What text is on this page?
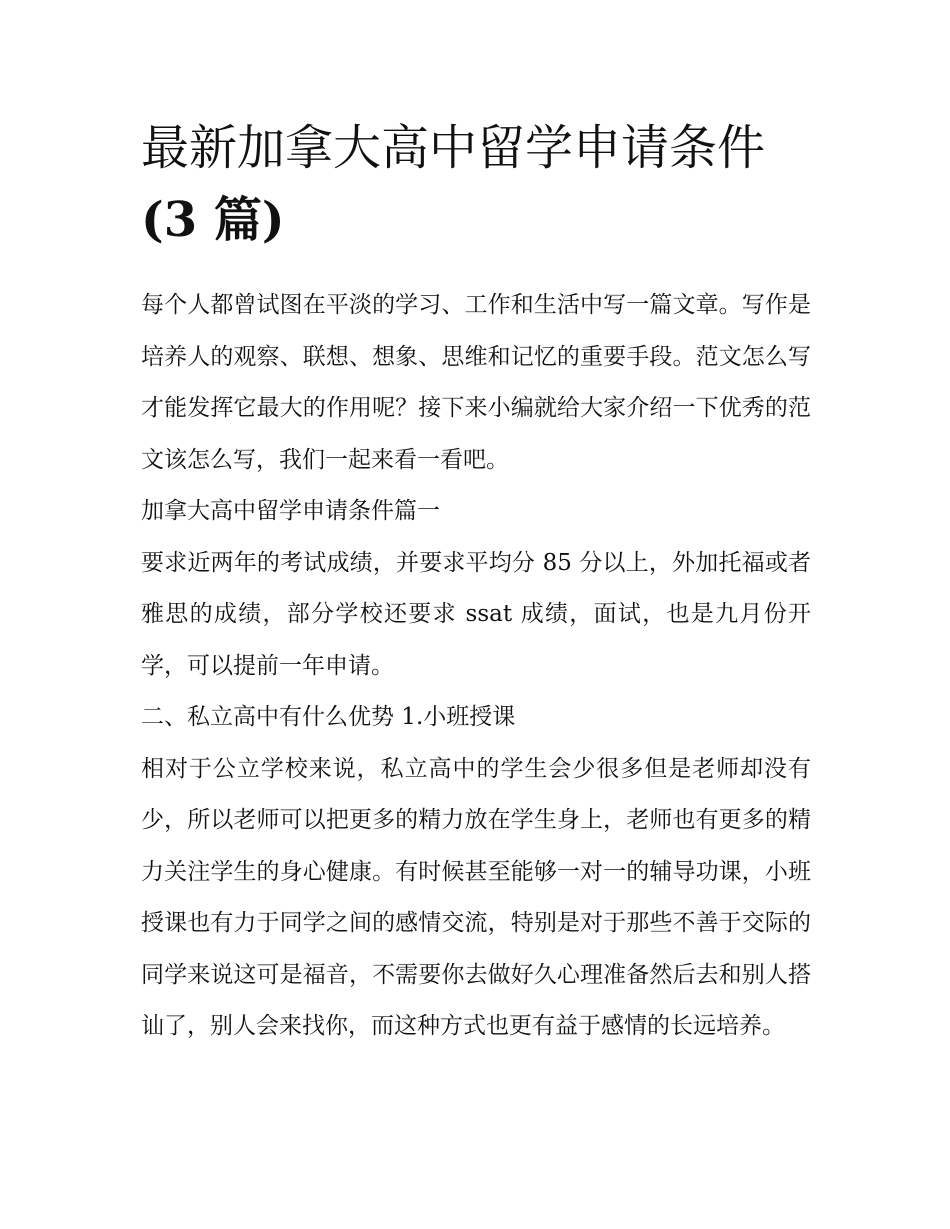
最新加拿大高中留学申请条件
(3 篇)

每个人都曾试图在平淡的学习、工作和生活中写一篇文章。写作是培养人的观察、联想、想象、思维和记忆的重要手段。范文怎么写才能发挥它最大的作用呢？接下来小编就给大家介绍一下优秀的范文该怎么写，我们一起来看一看吧。

加拿大高中留学申请条件篇一

要求近两年的考试成绩，并要求平均分 85 分以上，外加托福或者雅思的成绩，部分学校还要求 ssat 成绩，面试，也是九月份开学，可以提前一年申请。

二、私立高中有什么优势 1.小班授课

相对于公立学校来说，私立高中的学生会少很多但是老师却没有少，所以老师可以把更多的精力放在学生身上，老师也有更多的精力关注学生的身心健康。有时候甚至能够一对一的辅导功课，小班授课也有力于同学之间的感情交流，特别是对于那些不善于交际的同学来说这可是福音，不需要你去做好久心理准备然后去和别人搭讪了，别人会来找你，而这种方式也更有益于感情的长远培养。
